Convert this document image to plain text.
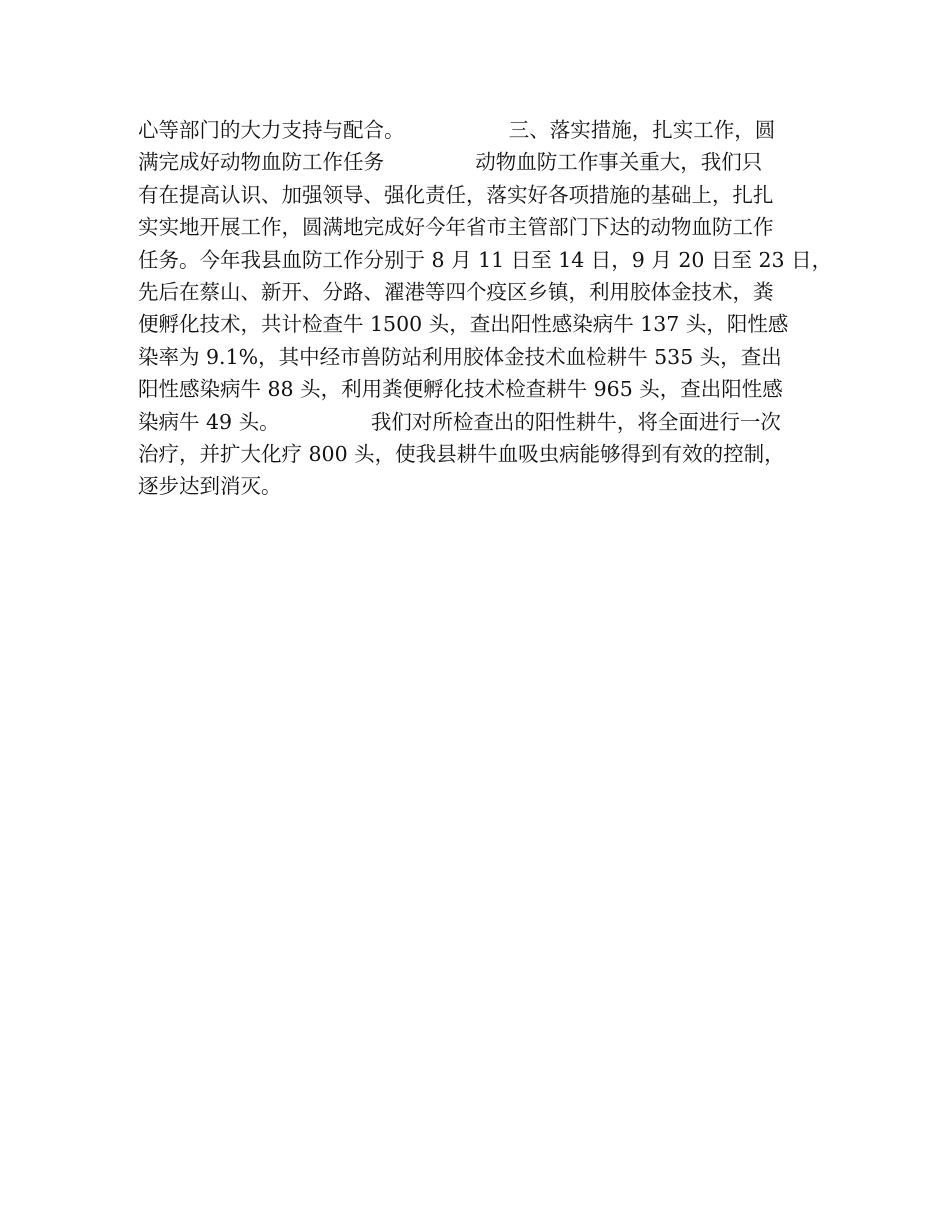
心等部门的大力支持与配合。                三、落实措施，扎实工作，圆
满完成好动物血防工作任务              动物血防工作事关重大，我们只
有在提高认识、加强领导、强化责任，落实好各项措施的基础上，扎扎
实实地开展工作，圆满地完成好今年省市主管部门下达的动物血防工作
任务。今年我县血防工作分别于 8 月 11 日至 14 日，9 月 20 日至 23 日，
先后在蔡山、新开、分路、濯港等四个疫区乡镇，利用胶体金技术，粪
便孵化技术，共计检查牛 1500 头，查出阳性感染病牛 137 头，阳性感
染率为 9.1%，其中经市兽防站利用胶体金技术血检耕牛 535 头，查出
阳性感染病牛 88 头，利用粪便孵化技术检查耕牛 965 头，查出阳性感
染病牛 49 头。              我们对所检查出的阳性耕牛，将全面进行一次
治疗，并扩大化疗 800 头，使我县耕牛血吸虫病能够得到有效的控制，
逐步达到消灭。
